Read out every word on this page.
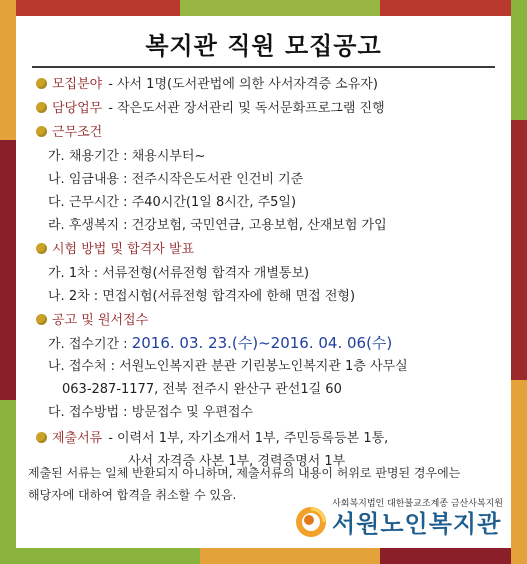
복지관 직원 모집공고
모집분야 - 사서 1명(도서관법에 의한 사서자격증 소유자)
담당업무 - 작은도서관 장서관리 및 독서문화프로그램 진행
근무조건
가. 채용기간 : 채용시부터~
나. 임금내용 : 전주시작은도서관 인건비 기준
다. 근무시간 : 주40시간(1일 8시간, 주5일)
라. 후생복지 : 건강보험, 국민연금, 고용보험, 산재보험 가입
시험 방법 및 합격자 발표
가. 1차 : 서류전형(서류전형 합격자 개별통보)
나. 2차 : 면접시험(서류전형 합격자에 한해 면접 전형)
공고 및 원서접수
가. 접수기간 : 2016. 03. 23.(수)~2016. 04. 06(수)
나. 접수처 : 서원노인복지관 분관 기린봉노인복지관 1층 사무실
063-287-1177, 전북 전주시 완산구 관선1길 60
다. 접수방법 : 방문접수 및 우편접수
제출서류 - 이력서 1부, 자기소개서 1부, 주민등록등본 1통,
사서 자격증 사본 1부, 경력증명서 1부
제출된 서류는 일체 반환되지 아니하며, 제출서류의 내용이 허위로 판명된 경우에는
해당자에 대하여 합격을 취소할 수 있음.
사회복지법인 대한불교조계종 금산사복지원
서원노인복지관
